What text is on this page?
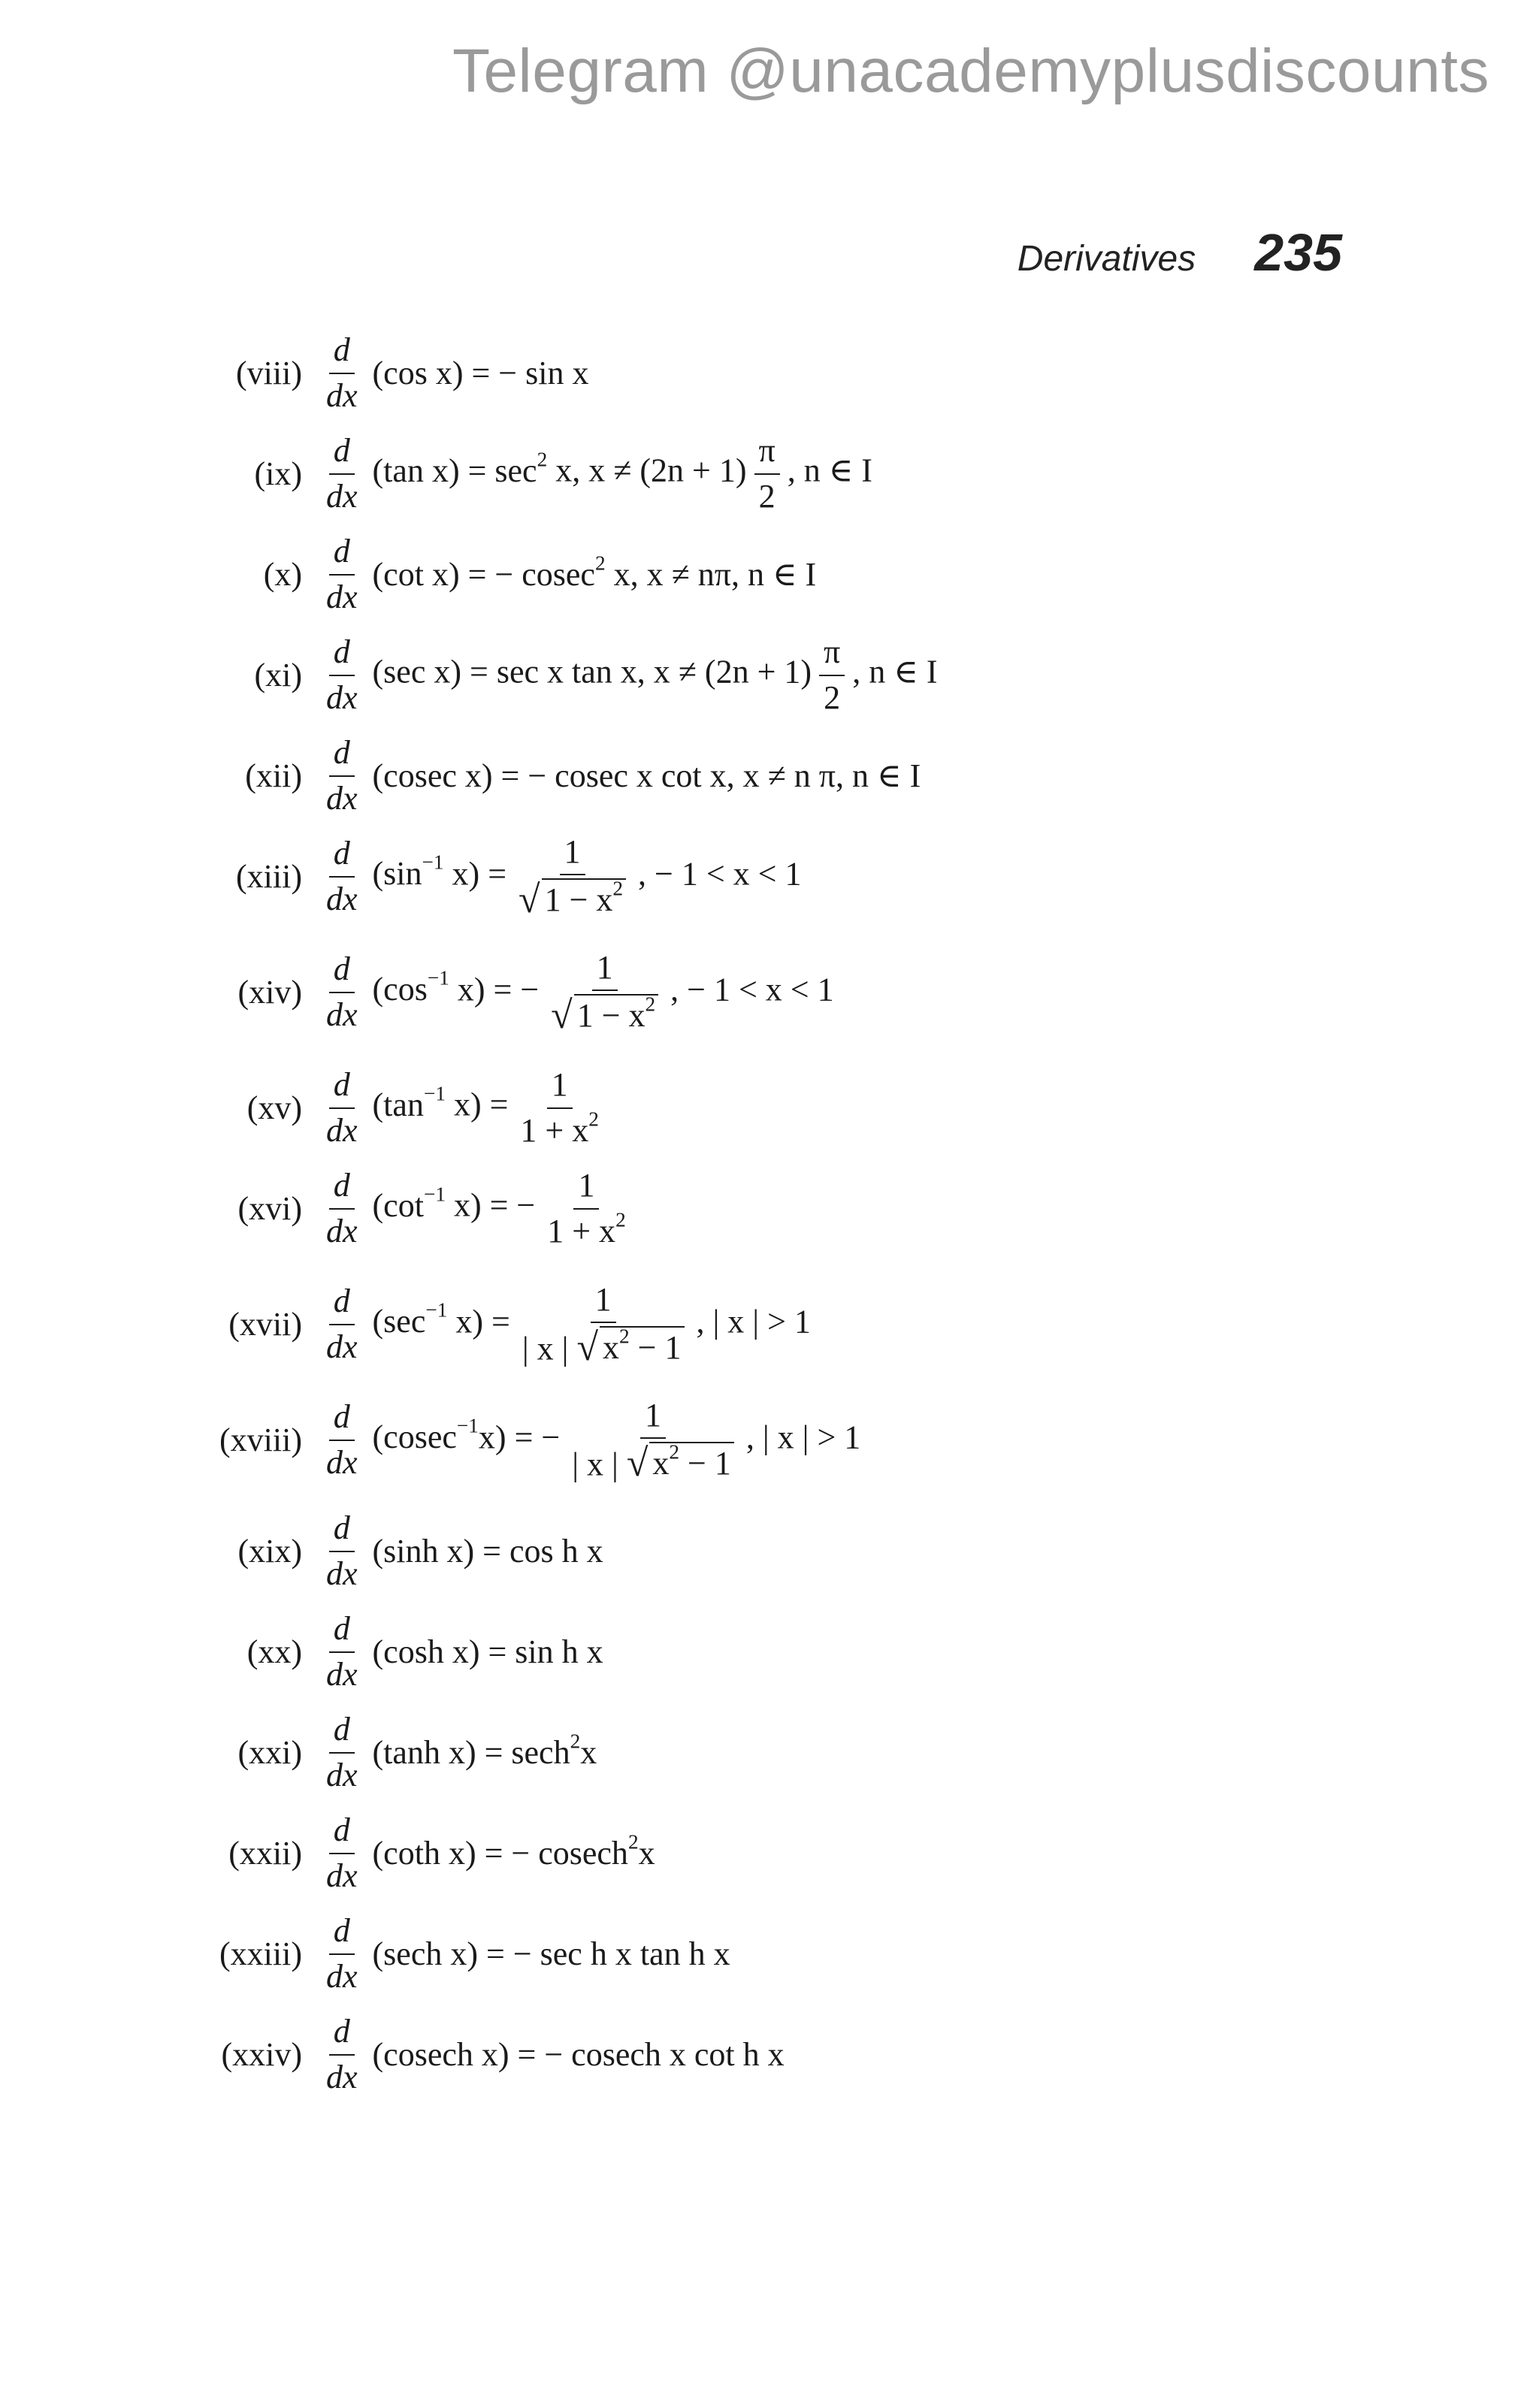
Telegram @unacademyplusdiscounts
Derivatives 235
(viii) $\frac{d}{dx} (\cos$ x) = − sin x
$(ix) \frac{d}{dx} (\tan$ $x) = \sec^2 x$, $x \ne (2n + 1) \frac{\pi}{2}$ , n ∈ I
$(x) \frac{d}{dx} (\cot$ x) = − cosec$^2$ x, x ≠ nπ, n ∈ I
$(xi) \frac{d}{dx} (\sec$ x) = sec x tan x, $x \ne (2n + 1) \frac{\pi}{2}$ , n ∈ I
$(xii) \frac{d}{dx} (cosec$ x) = − cosec x cot x, x ≠ n π, n ∈ I
(xiii) $\frac{d}{dx} (\sin^{-1}$ $x) = \frac{1}{√ 1 - x^2}$ , − 1 < x < 1
$(xiv) \frac{d}{dx} (\cos^{-1}$ x) = − $\frac{1}{√ 1 - x^2}$ , − 1 < x < 1
$(xv) \frac{d}{dx} (\tan^{-1}$ $x) = \frac{1}{1 + x^2}$
$(xvi) \frac{d}{dx} (\cot^{-1}$ x) = − $\frac{1}{1 + x^2}$
(xvii) $\frac{d}{dx} (\sec^{-1}$ $x) = \frac{1}{| x | √ x^2 - 1}$ , | x | > 1
(xviii) $\frac{d}{dx} (cosec^{-1}x)$ = − $\frac{1}{| x | √ x^2 - 1}$ , | x | > 1
$(xix) \frac{d}{dx} (\sinh$ x) = cos h x
$(xx) \frac{d}{dx} (\cosh$ x) = sin h x
$(xxi) \frac{d}{dx} (\tanh$ x) = sech$^2$x
(xxii) $\frac{d}{dx} (\cot h$ x) = − cosech$^2$x
(xxiii) $\frac{d}{dx} (\sec h$ x) = − sec h x tan h x
(xxiv) $\frac{d}{dx} (cosech$ x) = − cosech x cot h x
